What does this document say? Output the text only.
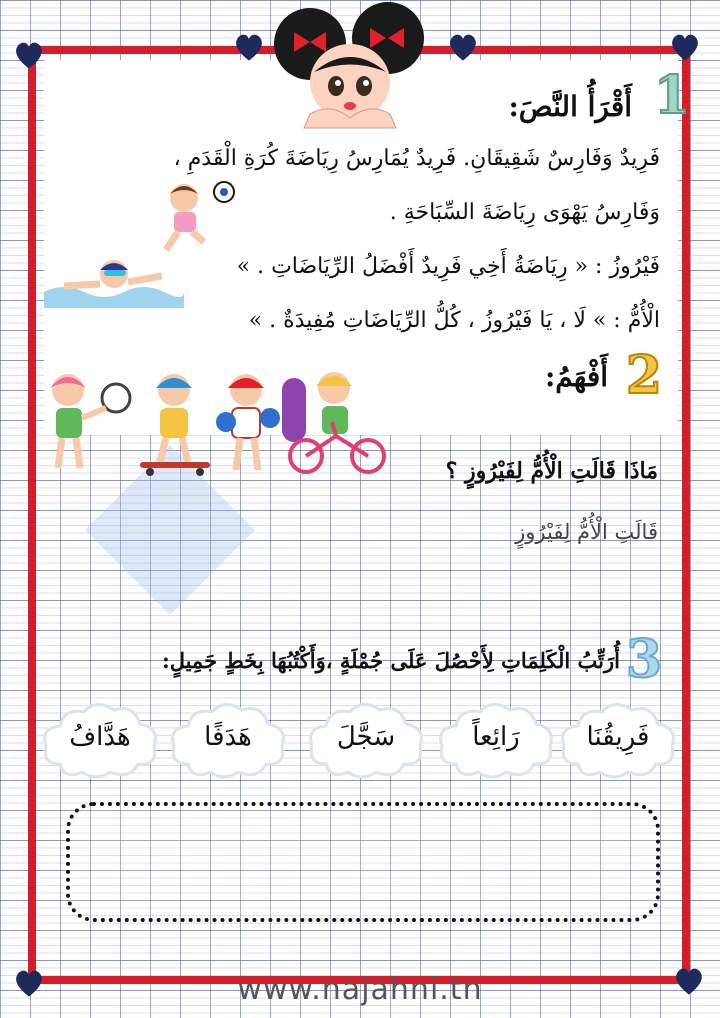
1
أَقْرَأُ النَّصَ:
فَرِيدٌ وَفَارِسٌ شَقِيقَانِ. فَرِيدٌ يُمَارِسُ رِيَاضَةَ كُرَةِ الْقَدَمِ ،
وَفَارِسُ يَهْوَى رِيَاضَةَ السِّبَاحَةِ .
فَيْرُوزُ : « رِيَاضَةُ أَخِي فَرِيدٌ أَفْضَلُ الرِّيَاضَاتِ . »
الْأُمُّ : » لَا ، يَا فَيْرُوزُ ، كُلُّ الرِّيَاضَاتِ مُفِيدَةٌ . »
2
أَفْهَمُ:
مَاذَا قَالَتِ الْأُمُّ لِفَيْرُوزٍ ؟
قَالَتِ الْأُمُّ لِفَيْرُوزٍ
3
أُرَتِّبُ الْكَلِمَاتِ لِأَحْصُلَ عَلَى جُمْلَةٍ ،وَأَكْتُبُهَا بِخَطٍ جَمِيلٍ:
فَرِيقُنَا
رَائِعاً
سَجَّلَ
هَدَفًا
هَدَّافُ
www.najahni.tn
